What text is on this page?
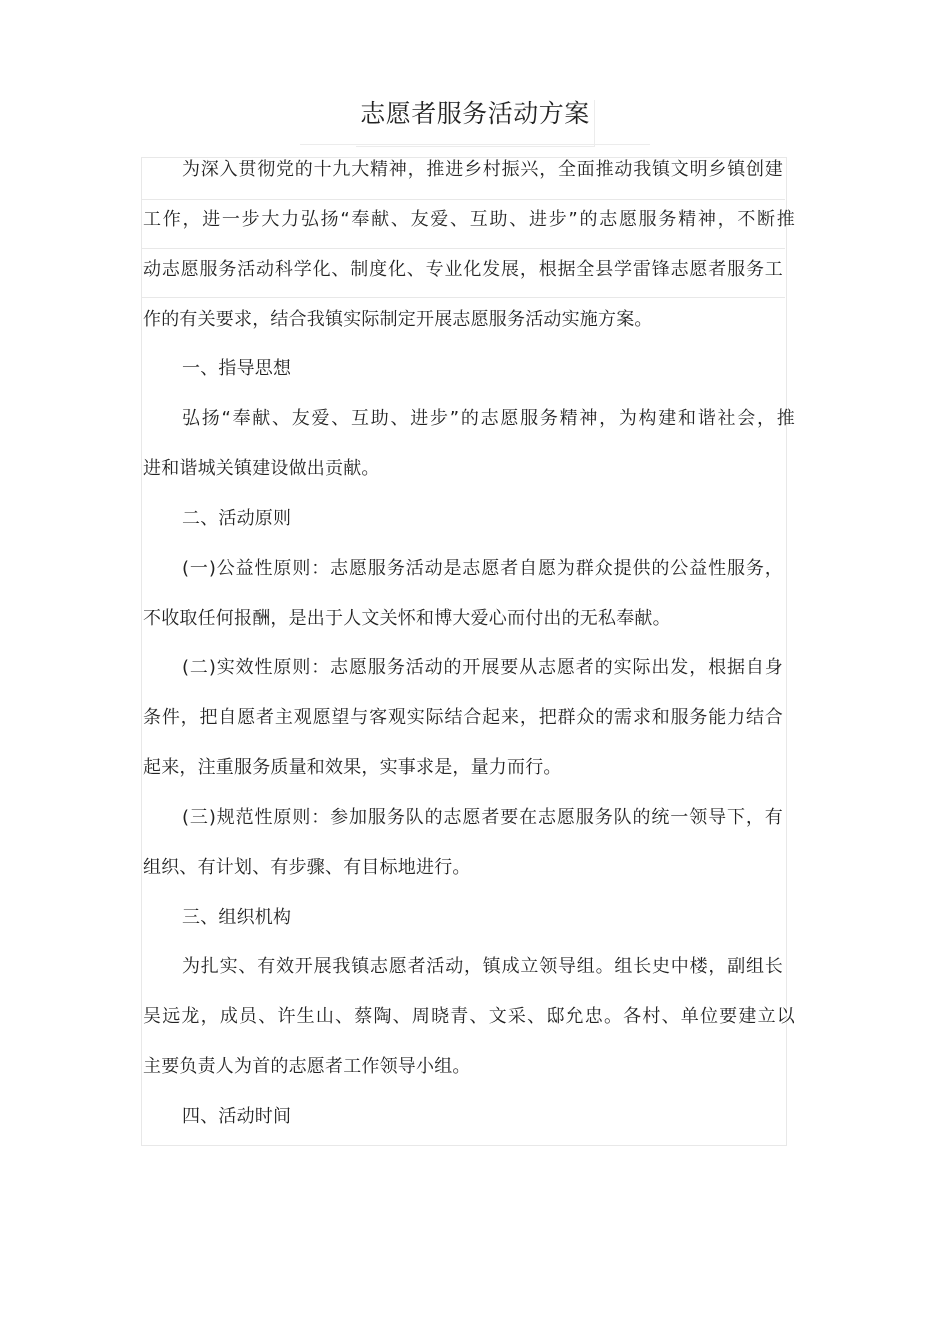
志愿者服务活动方案
为深入贯彻党的十九大精神，推进乡村振兴，全面推动我镇文明乡镇创建
工作，进一步大力弘扬“奉献、友爱、互助、进步”的志愿服务精神，不断推
动志愿服务活动科学化、制度化、专业化发展，根据全县学雷锋志愿者服务工
作的有关要求，结合我镇实际制定开展志愿服务活动实施方案。
一、指导思想
弘扬“奉献、友爱、互助、进步”的志愿服务精神，为构建和谐社会，推
进和谐城关镇建设做出贡献。
二、活动原则
(一)公益性原则：志愿服务活动是志愿者自愿为群众提供的公益性服务，
不收取任何报酬，是出于人文关怀和博大爱心而付出的无私奉献。
(二)实效性原则：志愿服务活动的开展要从志愿者的实际出发，根据自身
条件，把自愿者主观愿望与客观实际结合起来，把群众的需求和服务能力结合
起来，注重服务质量和效果，实事求是，量力而行。
(三)规范性原则：参加服务队的志愿者要在志愿服务队的统一领导下，有
组织、有计划、有步骤、有目标地进行。
三、组织机构
为扎实、有效开展我镇志愿者活动，镇成立领导组。组长史中楼，副组长
吴远龙，成员、许生山、蔡陶、周晓青、文采、邸允忠。各村、单位要建立以
主要负责人为首的志愿者工作领导小组。
四、活动时间
